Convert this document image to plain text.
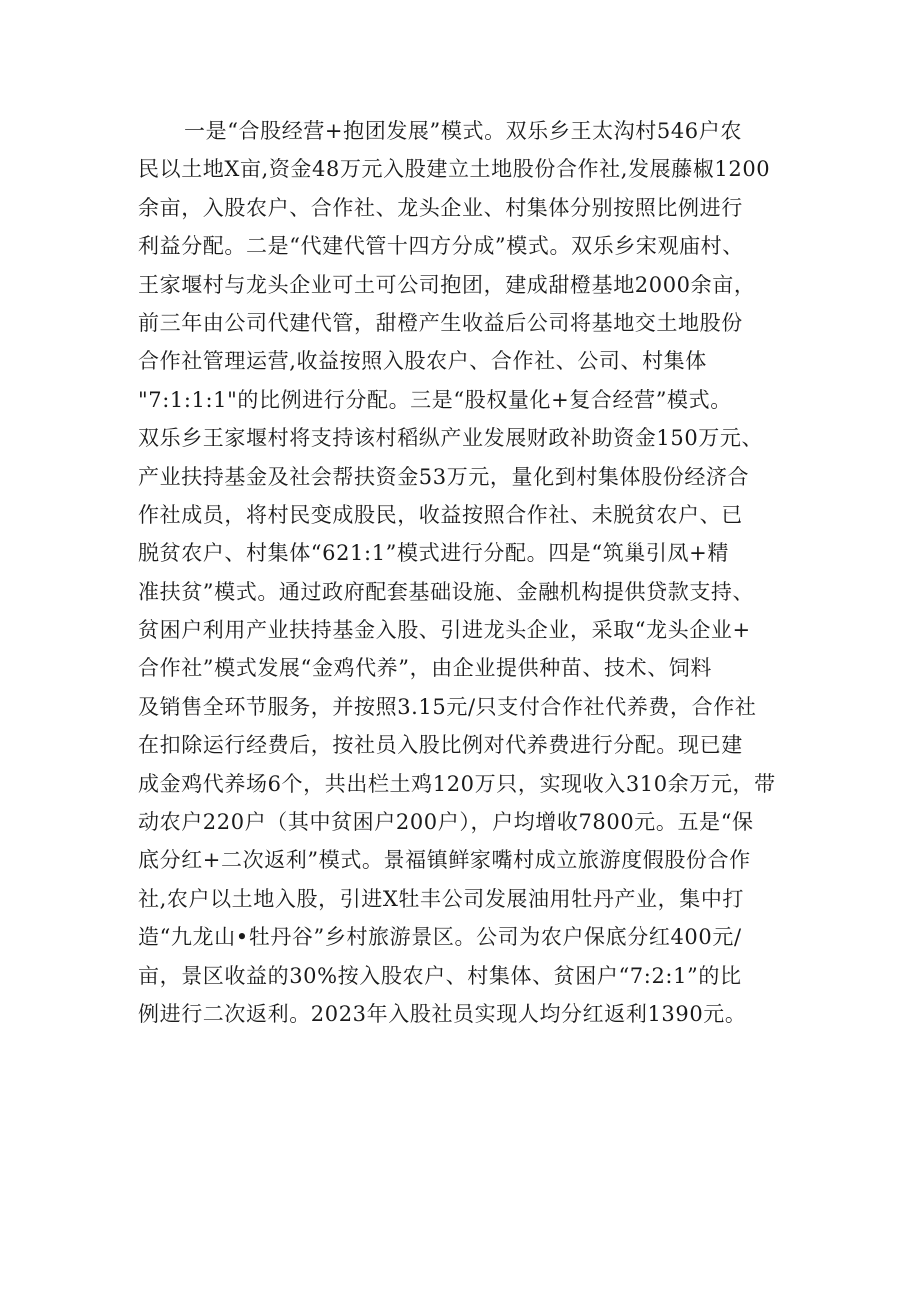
一是“合股经营+抱团发展”模式。双乐乡王太沟村546户农
民以土地X亩,资金48万元入股建立土地股份合作社,发展藤椒1200
余亩，入股农户、合作社、龙头企业、村集体分别按照比例进行
利益分配。二是“代建代管十四方分成”模式。双乐乡宋观庙村、
王家堰村与龙头企业可土可公司抱团，建成甜橙基地2000余亩，
前三年由公司代建代管，甜橙产生收益后公司将基地交土地股份
合作社管理运营,收益按照入股农户、合作社、公司、村集体
"7:1:1:1"的比例进行分配。三是“股权量化+复合经营”模式。
双乐乡王家堰村将支持该村稻纵产业发展财政补助资金150万元、
产业扶持基金及社会帮扶资金53万元，量化到村集体股份经济合
作社成员，将村民变成股民，收益按照合作社、未脱贫农户、已
脱贫农户、村集体“621:1”模式进行分配。四是“筑巢引凤+精
准扶贫”模式。通过政府配套基础设施、金融机构提供贷款支持、
贫困户利用产业扶持基金入股、引进龙头企业，采取“龙头企业+
合作社”模式发展“金鸡代养”，由企业提供种苗、技术、饲料
及销售全环节服务，并按照3.15元/只支付合作社代养费，合作社
在扣除运行经费后，按社员入股比例对代养费进行分配。现已建
成金鸡代养场6个，共出栏土鸡120万只，实现收入310余万元，带
动农户220户（其中贫困户200户），户均增收7800元。五是“保
底分红+二次返利”模式。景福镇鲜家嘴村成立旅游度假股份合作
社,农户以土地入股，引进X牡丰公司发展油用牡丹产业，集中打
造“九龙山•牡丹谷”乡村旅游景区。公司为农户保底分红400元/
亩，景区收益的30%按入股农户、村集体、贫困户“7:2:1”的比
例进行二次返利。2023年入股社员实现人均分红返利1390元。
